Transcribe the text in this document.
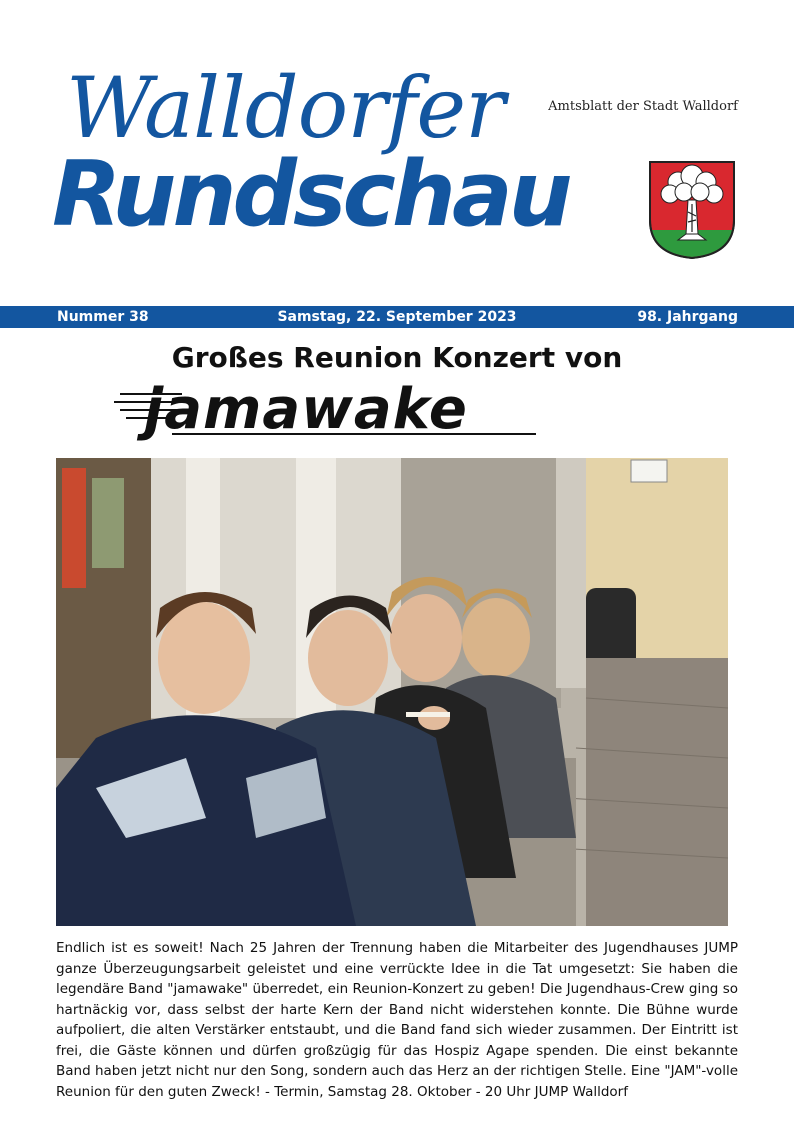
Walldorfer
Rundschau
Amtsblatt der Stadt Walldorf
Samstag, 22. September 2023
Nummer 38	98. Jahrgang
Großes Reunion Konzert von
jamawake

Endlich ist es soweit! Nach 25 Jahren der Trennung haben die Mitarbeiter des Jugendhauses JUMP ganze Überzeugungsarbeit geleistet und eine verrückte Idee in die Tat umgesetzt: Sie haben die legendäre Band "jamawake" überredet, ein Reunion-Konzert zu geben! Die Jugendhaus-Crew ging so hartnäckig vor, dass selbst der harte Kern der Band nicht widerstehen konnte. Die Bühne wurde aufpoliert, die alten Verstärker entstaubt, und die Band fand sich wieder zusammen. Der Eintritt ist frei, die Gäste können und dürfen großzügig für das Hospiz Agape spenden. Die einst bekannte Band haben jetzt nicht nur den Song, sondern auch das Herz an der richtigen Stelle. Eine "JAM"-volle Reunion für den guten Zweck! - Termin, Samstag 28. Oktober - 20 Uhr JUMP Walldorf
